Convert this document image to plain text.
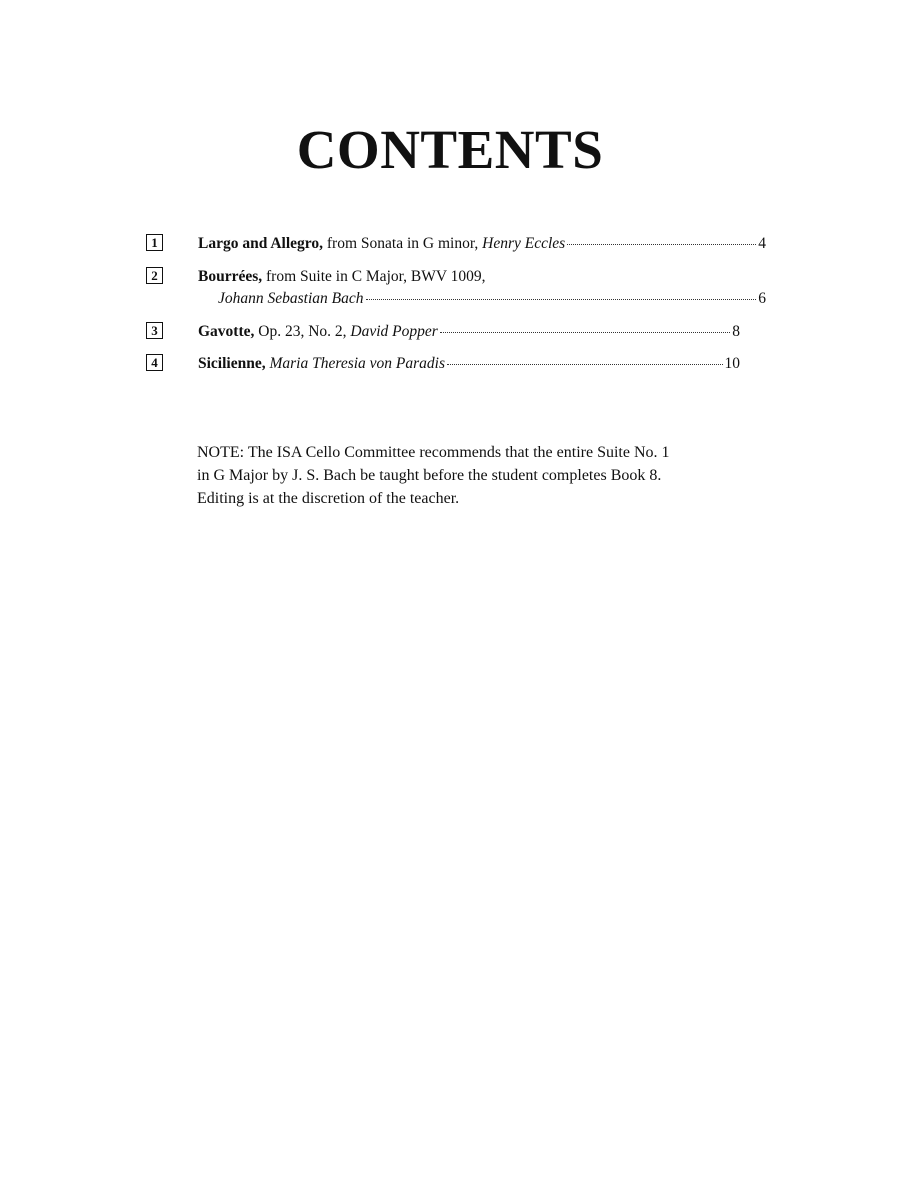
CONTENTS
1	Largo and Allegro, from Sonata in G minor, Henry Eccles	4
2	Bourrées, from Suite in C Major, BWV 1009,
Johann Sebastian Bach	6
3	Gavotte, Op. 23, No. 2, David Popper	8
4	Sicilienne,
Maria Theresia von Paradis	10
NOTE: The ISA Cello Committee recommends that the entire Suite No. 1
in G Major by J. S. Bach be taught before the student completes Book 8.
Editing is at the discretion of the teacher.
